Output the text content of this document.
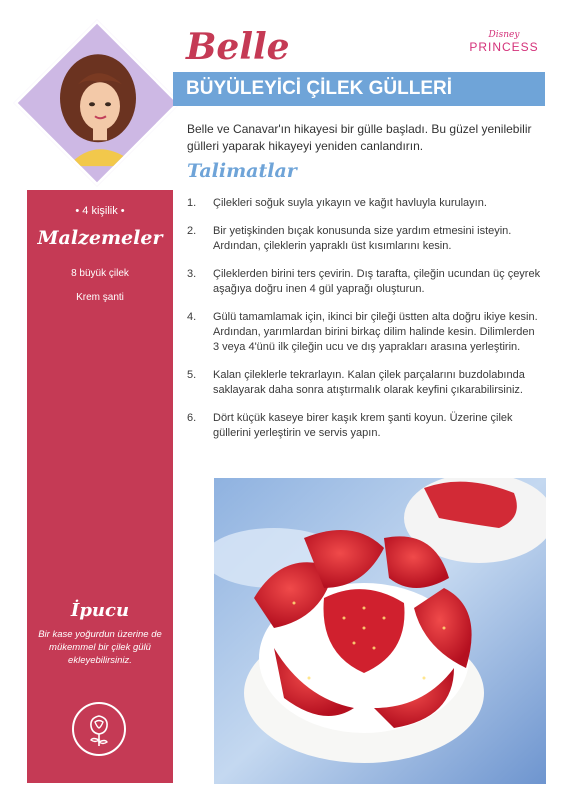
• 4 kişilik •
Malzemeler
8 büyük çilek
Krem şanti
İpucu
Bir kase yoğurdun üzerine de mükemmel bir çilek gülü ekleyebilirsiniz.
Belle	Disney
PRINCESS
BÜYÜLEYİCİ ÇİLEK GÜLLERİ
Belle ve Canavar'ın hikayesi bir gülle başladı. Bu güzel yenilebilir gülleri yaparak hikayeyi yeniden canlandırın.
Talimatlar
1. Çilekleri soğuk suyla yıkayın ve kağıt havluyla kurulayın.
2. Bir yetişkinden bıçak konusunda size yardım etmesini isteyin. Ardından, çileklerin yapraklı üst kısımlarını kesin.
3. Çileklerden birini ters çevirin. Dış tarafta, çileğin ucundan üç çeyrek aşağıya doğru inen 4 gül yaprağı oluşturun.
4. Gülü tamamlamak için, ikinci bir çileği üstten alta doğru ikiye kesin. Ardından, yarımlardan birini birkaç dilim halinde kesin. Dilimlerden 3 veya 4'ünü ilk çileğin ucu ve dış yaprakları arasına yerleştirin.
5. Kalan çileklerle tekrarlayın. Kalan çilek parçalarını buzdolabında saklayarak daha sonra atıştırmalık olarak keyfini çıkarabilirsiniz.
6. Dört küçük kaseye birer kaşık krem şanti koyun. Üzerine çilek güllerini yerleştirin ve servis yapın.
